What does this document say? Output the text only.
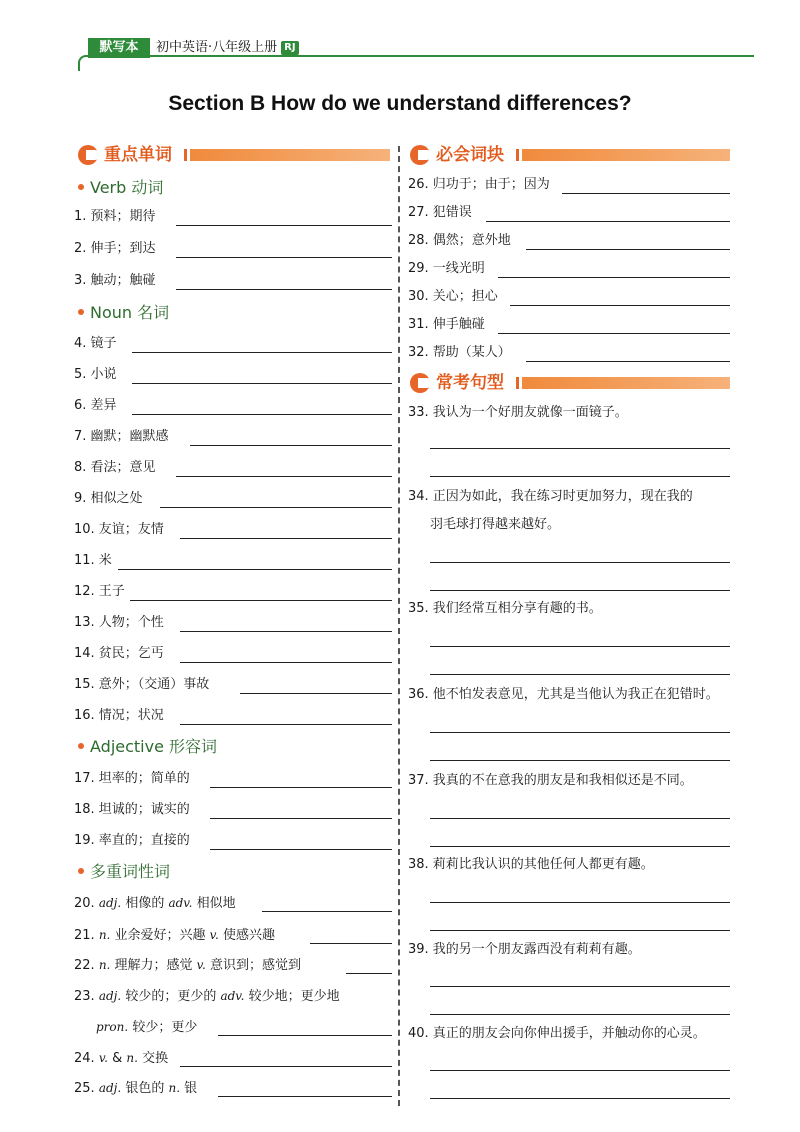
默写本	初中英语·八年级上册 RJ
Section B How do we understand differences?
重点单词
Verb 动词
1. 预料；期待
2. 伸手；到达
3. 触动；触碰
Noun 名词
4. 镜子
5. 小说
6. 差异
7. 幽默；幽默感
8. 看法；意见
9. 相似之处
10. 友谊；友情
11. 米
12. 王子
13. 人物；个性
14. 贫民；乞丐
15. 意外；（交通）事故
16. 情况；状况
Adjective 形容词
17. 坦率的；简单的
18. 坦诚的；诚实的
19. 率直的；直接的
多重词性词
20. adj. 相像的 adv. 相似地
21. n. 业余爱好；兴趣 v. 使感兴趣
22. n. 理解力；感觉 v. 意识到；感觉到
23. adj. 较少的；更少的 adv. 较少地；更少地
pron. 较少；更少
24. v. & n. 交换
25. adj. 银色的 n. 银
必会词块
26. 归功于；由于；因为
27. 犯错误
28. 偶然；意外地
29. 一线光明
30. 关心；担心
31. 伸手触碰
32. 帮助（某人）
常考句型
33. 我认为一个好朋友就像一面镜子。
34. 正因为如此，我在练习时更加努力，现在我的
羽毛球打得越来越好。
35. 我们经常互相分享有趣的书。
36. 他不怕发表意见，尤其是当他认为我正在犯错时。
37. 我真的不在意我的朋友是和我相似还是不同。
38. 莉莉比我认识的其他任何人都更有趣。
39. 我的另一个朋友露西没有莉莉有趣。
40. 真正的朋友会向你伸出援手，并触动你的心灵。
